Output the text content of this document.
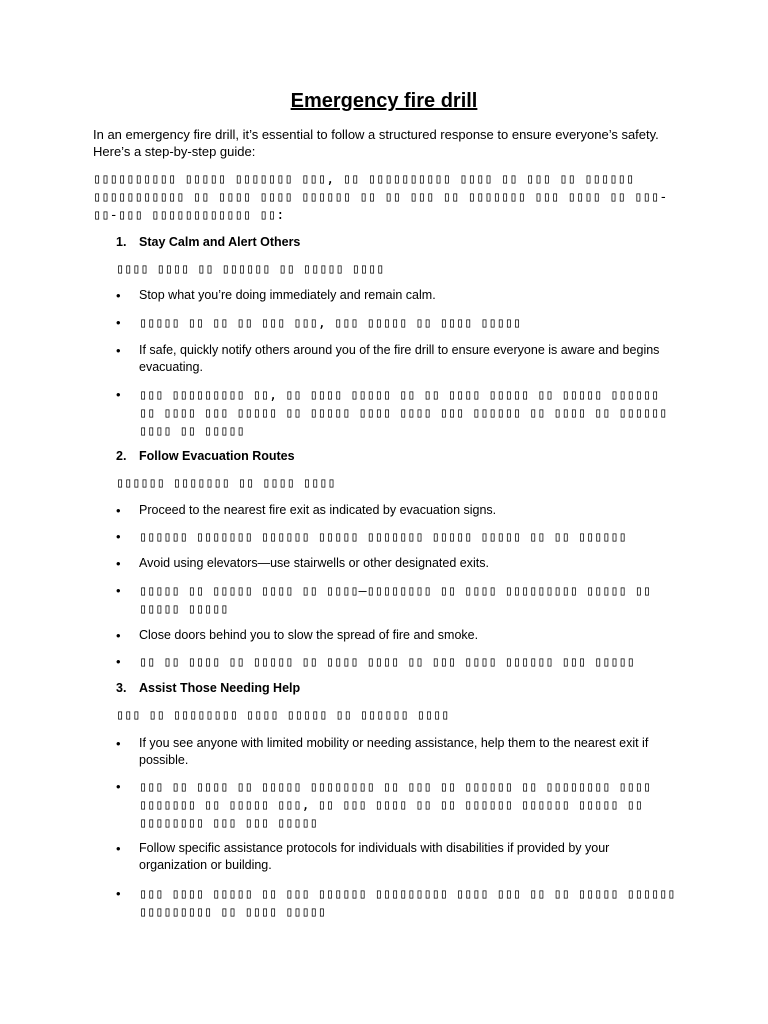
Emergency fire drill
In an emergency fire drill, it’s essential to follow a structured response to ensure everyone’s safety. Here’s a step-by-step guide:
▯▯▯▯▯▯▯▯▯▯ ▯▯▯▯▯ ▯▯▯▯▯▯▯ ▯▯▯, ▯▯ ▯▯▯▯▯▯▯▯▯▯ ▯▯▯▯ ▯▯ ▯▯▯ ▯▯ ▯▯▯▯▯▯ ▯▯▯▯▯▯▯▯▯▯▯ ▯▯ ▯▯▯▯ ▯▯▯▯ ▯▯▯▯▯▯ ▯▯ ▯▯ ▯▯▯ ▯▯ ▯▯▯▯▯▯▯ ▯▯▯ ▯▯▯▯ ▯▯ ▯▯▯-▯▯-▯▯▯ ▯▯▯▯▯▯▯▯▯▯▯▯ ▯▯:
1. Stay Calm and Alert Others
▯▯▯▯ ▯▯▯▯ ▯▯ ▯▯▯▯▯▯ ▯▯ ▯▯▯▯▯ ▯▯▯▯
• Stop what you’re doing immediately and remain calm.
• ▯▯▯▯▯ ▯▯ ▯▯ ▯▯ ▯▯▯ ▯▯▯, ▯▯▯ ▯▯▯▯▯ ▯▯ ▯▯▯▯ ▯▯▯▯▯
• If safe, quickly notify others around you of the fire drill to ensure everyone is aware and begins evacuating.
• ▯▯▯ ▯▯▯▯▯▯▯▯▯ ▯▯, ▯▯ ▯▯▯▯ ▯▯▯▯▯ ▯▯ ▯▯ ▯▯▯▯ ▯▯▯▯▯ ▯▯ ▯▯▯▯▯ ▯▯▯▯▯▯ ▯▯ ▯▯▯▯ ▯▯▯ ▯▯▯▯▯ ▯▯ ▯▯▯▯▯ ▯▯▯▯ ▯▯▯▯ ▯▯▯ ▯▯▯▯▯▯ ▯▯ ▯▯▯▯ ▯▯ ▯▯▯▯▯▯ ▯▯▯▯ ▯▯ ▯▯▯▯▯
2. Follow Evacuation Routes
▯▯▯▯▯▯ ▯▯▯▯▯▯▯ ▯▯ ▯▯▯▯ ▯▯▯▯
• Proceed to the nearest fire exit as indicated by evacuation signs.
• ▯▯▯▯▯▯ ▯▯▯▯▯▯▯ ▯▯▯▯▯▯ ▯▯▯▯▯ ▯▯▯▯▯▯▯ ▯▯▯▯▯ ▯▯▯▯▯ ▯▯ ▯▯ ▯▯▯▯▯▯
• Avoid using elevators—use stairwells or other designated exits.
• ▯▯▯▯▯ ▯▯ ▯▯▯▯▯ ▯▯▯▯ ▯▯ ▯▯▯▯—▯▯▯▯▯▯▯▯ ▯▯ ▯▯▯▯ ▯▯▯▯▯▯▯▯▯ ▯▯▯▯▯ ▯▯ ▯▯▯▯▯ ▯▯▯▯▯
• Close doors behind you to slow the spread of fire and smoke.
• ▯▯ ▯▯ ▯▯▯▯ ▯▯ ▯▯▯▯▯ ▯▯ ▯▯▯▯ ▯▯▯▯ ▯▯ ▯▯▯ ▯▯▯▯ ▯▯▯▯▯▯ ▯▯▯ ▯▯▯▯▯
3. Assist Those Needing Help
▯▯▯ ▯▯ ▯▯▯▯▯▯▯▯ ▯▯▯▯ ▯▯▯▯▯ ▯▯ ▯▯▯▯▯▯ ▯▯▯▯
• If you see anyone with limited mobility or needing assistance, help them to the nearest exit if possible.
• ▯▯▯ ▯▯ ▯▯▯▯ ▯▯ ▯▯▯▯▯ ▯▯▯▯▯▯▯▯ ▯▯ ▯▯▯ ▯▯ ▯▯▯▯▯▯ ▯▯ ▯▯▯▯▯▯▯▯ ▯▯▯▯ ▯▯▯▯▯▯▯ ▯▯ ▯▯▯▯▯ ▯▯▯, ▯▯ ▯▯▯ ▯▯▯▯ ▯▯ ▯▯ ▯▯▯▯▯▯ ▯▯▯▯▯▯ ▯▯▯▯▯ ▯▯ ▯▯▯▯▯▯▯▯ ▯▯▯ ▯▯▯ ▯▯▯▯▯
• Follow specific assistance protocols for individuals with disabilities if provided by your organization or building.
• ▯▯▯ ▯▯▯▯ ▯▯▯▯▯ ▯▯ ▯▯▯ ▯▯▯▯▯▯ ▯▯▯▯▯▯▯▯▯ ▯▯▯▯ ▯▯▯ ▯▯ ▯▯ ▯▯▯▯▯ ▯▯▯▯▯▯ ▯▯▯▯▯▯▯▯▯ ▯▯ ▯▯▯▯ ▯▯▯▯▯
